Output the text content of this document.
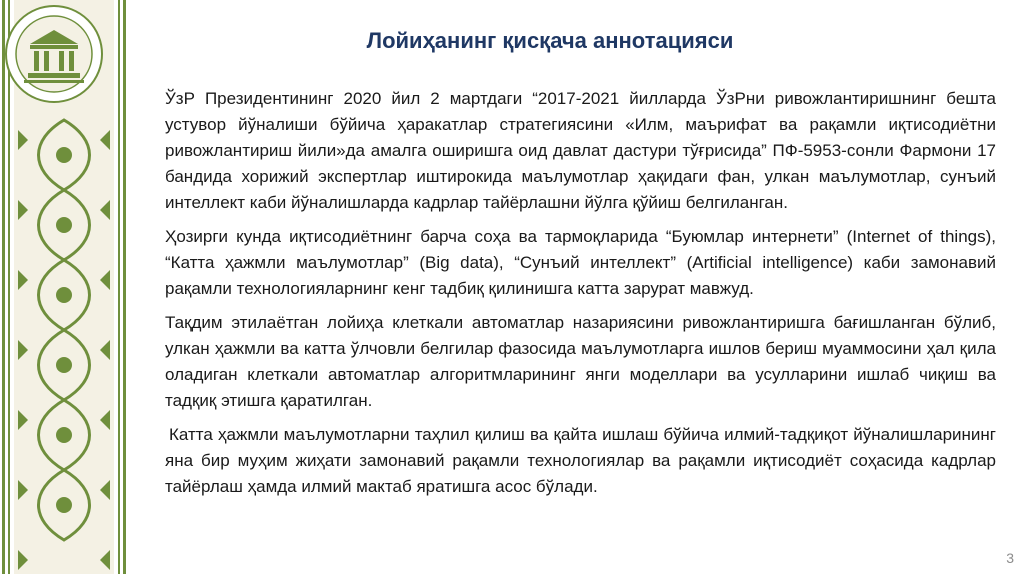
Лойиҳанинг қисқача аннотацияси

ЎзР Президентининг 2020 йил 2 мартдаги “2017-2021 йилларда ЎзРни ривожлантиришнинг бешта устувор йўналиши бўйича ҳаракатлар стратегиясини «Илм, маърифат ва рақамли иқтисодиётни ривожлантириш йили»да амалга оширишга оид давлат дастури тўғрисида” ПФ-5953-сонли Фармони 17 бандида хорижий экспертлар иштирокида маълумотлар ҳақидаги фан, улкан маълумотлар, сунъий интеллект каби йўналишларда кадрлар тайёрлашни йўлга қўйиш белгиланган.

Ҳозирги кунда иқтисодиётнинг барча соҳа ва тармоқларида “Буюмлар интернети” (Internet of things), “Катта ҳажмли маълумотлар” (Big data), “Сунъий интеллект” (Artificial intelligence) каби замонавий рақамли технологияларнинг кенг тадбиқ қилинишга катта зарурат мавжуд.

Тақдим этилаётган лойиҳа клеткали автоматлар назариясини ривожлантиришга бағишланган бўлиб, улкан ҳажмли ва катта ўлчовли белгилар фазосида маълумотларга ишлов бериш муаммосини ҳал қила оладиган клеткали автоматлар алгоритмларининг янги моделлари ва усулларини ишлаб чиқиш ва тадқиқ этишга қаратилган.

Катта ҳажмли маълумотларни таҳлил қилиш ва қайта ишлаш бўйича илмий-тадқиқот йўналишларининг яна бир муҳим жиҳати замонавий рақамли технологиялар ва рақамли иқтисодиёт соҳасида кадрлар тайёрлаш ҳамда илмий мактаб яратишга асос бўлади.

3
